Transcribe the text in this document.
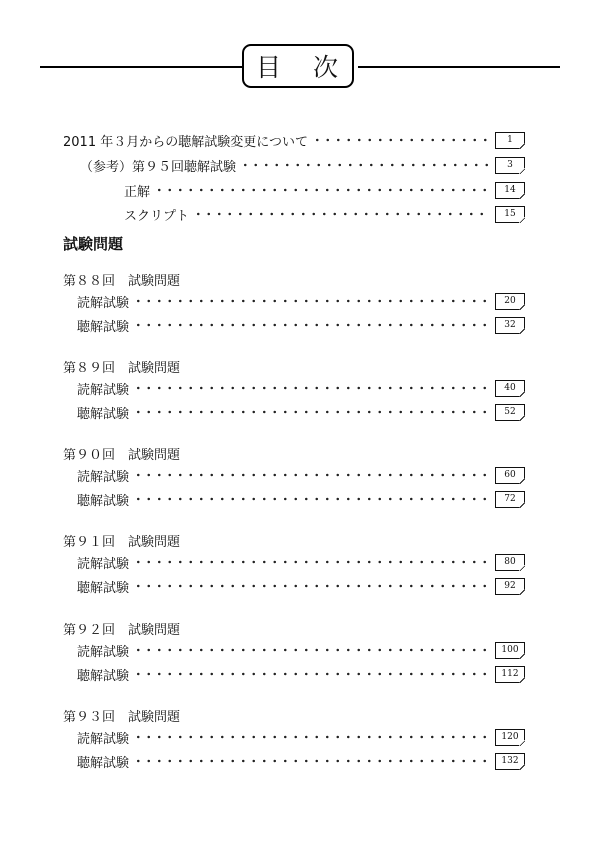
目 次
2011 年３月からの聴解試験変更について	1
（参考）第９５回聴解試験	3
正解	14
スクリプト	15
試験問題
第８８回　試験問題
読解試験	20
聴解試験	32
第８９回　試験問題
読解試験	40
聴解試験	52
第９０回　試験問題
読解試験	60
聴解試験	72
第９１回　試験問題
読解試験	80
聴解試験	92
第９２回　試験問題
読解試験	100
聴解試験	112
第９３回　試験問題
読解試験	120
聴解試験	132
